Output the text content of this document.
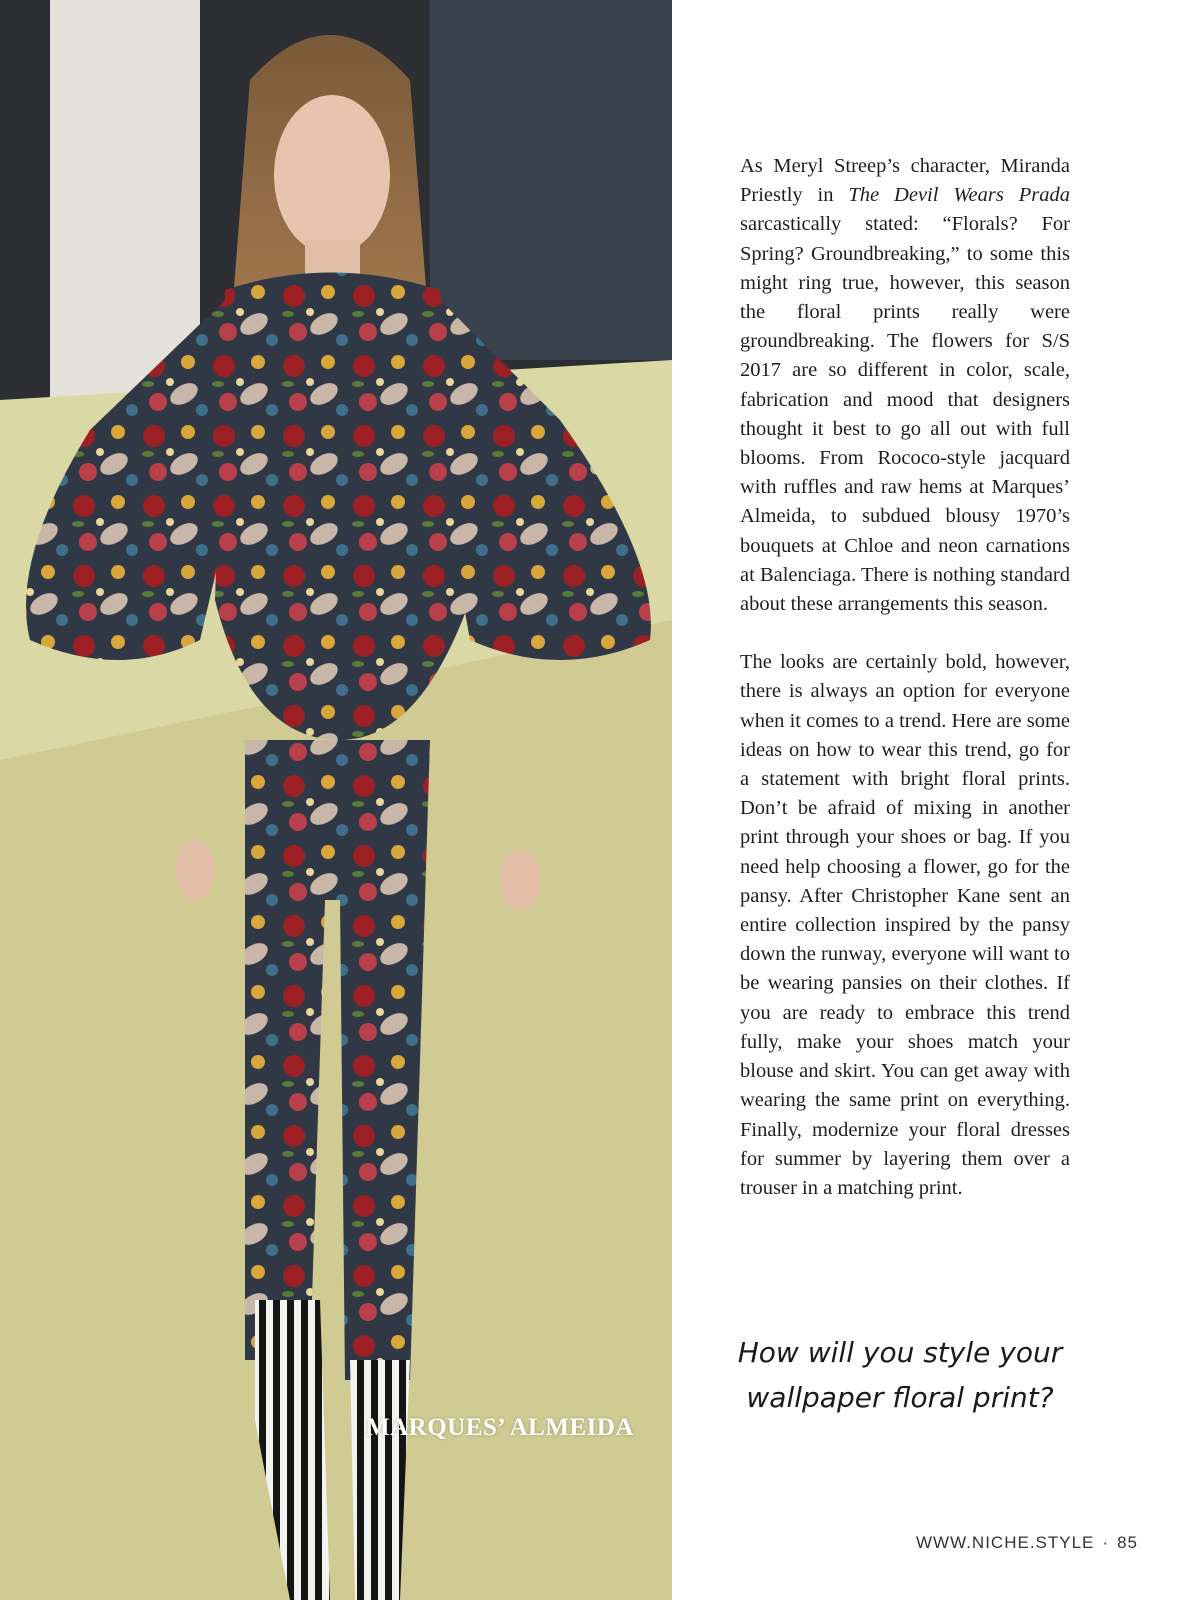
MARQUES’ ALMEIDA

As Meryl Streep’s character, Miranda Priestly in The Devil Wears Prada sarcastically stated: “Florals? For Spring? Groundbreaking,” to some this might ring true, however, this season the floral prints really were groundbreaking. The flowers for S/S 2017 are so different in color, scale, fabrication and mood that designers thought it best to go all out with full blooms. From Rococo-style jacquard with ruffles and raw hems at Marques’ Almeida, to subdued blousy 1970’s bouquets at Chloe and neon carnations at Balenciaga. There is nothing standard about these arrangements this season.

The looks are certainly bold, however, there is always an option for everyone when it comes to a trend. Here are some ideas on how to wear this trend, go for a statement with bright floral prints. Don’t be afraid of mixing in another print through your shoes or bag. If you need help choosing a flower, go for the pansy. After Christopher Kane sent an entire collection inspired by the pansy down the runway, everyone will want to be wearing pansies on their clothes. If you are ready to embrace this trend fully, make your shoes match your blouse and skirt. You can get away with wearing the same print on everything. Finally, modernize your floral dresses for summer by layering them over a trouser in a matching print.

How will you style your wallpaper floral print?
WWW.NICHE.STYLE · 85
